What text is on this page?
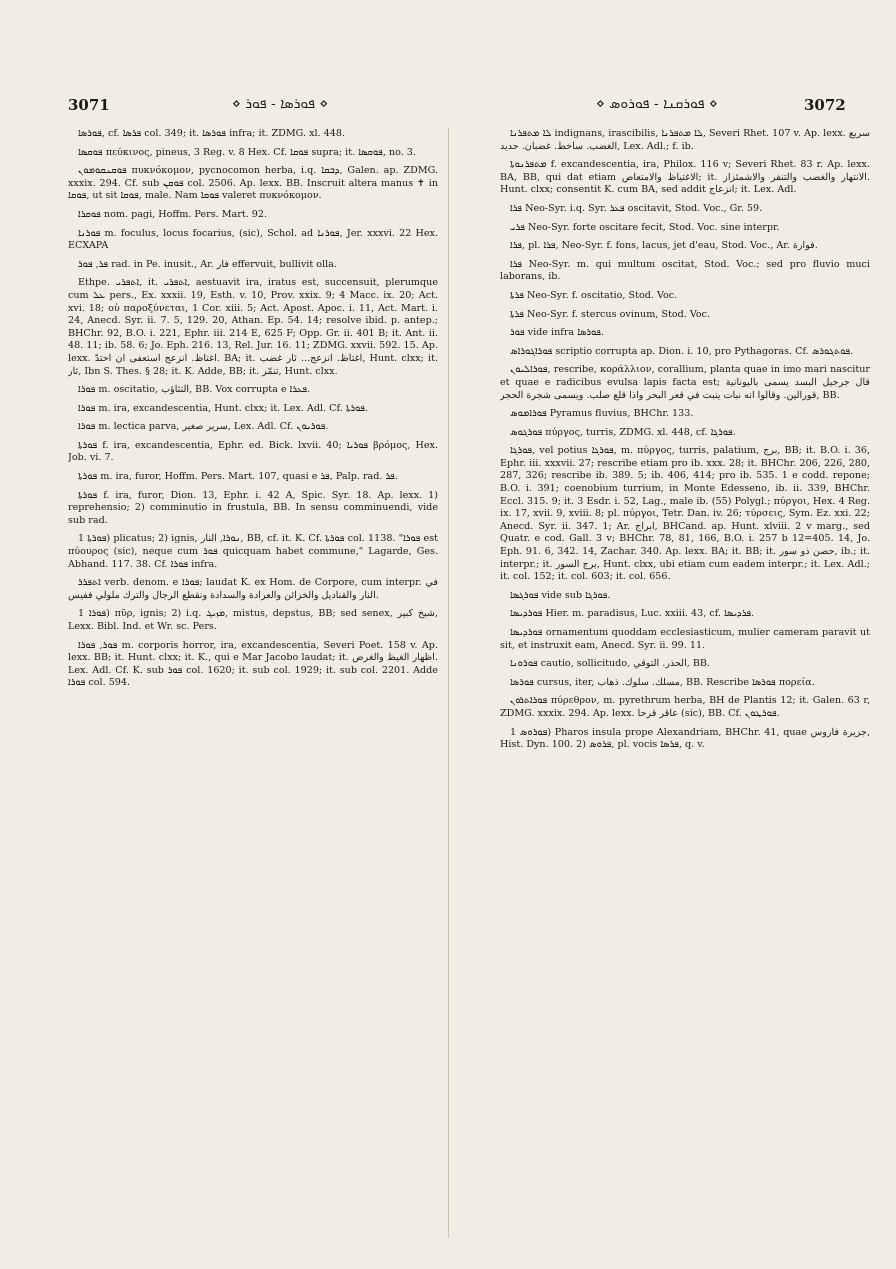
3071	⋄ ܦܘܪܣܐ ‐ ܦܘܪ ⋄	⋄ ܦܘܪܩܢܐ ‐ ܦܘܪܘܣ ⋄	3072

ܦܘܪܣܐ, cf. ܦܪܣܐ col. 349; it. ܦܘܪܣܐ infra; it. ZDMG. xl. 448.

ܦܘܩܣܐ πεύκινος, pineus, 3 Reg. v. 8 Hex. Cf. ܦܘܩܐ supra; it. ܦܘܩܣܐ, no. 3.

ܦܘܩܢܩܘܡܘܢ πυκνόκομον, pycnocomon herba, i.q. ܕܒܩܐ, Galen. ap. ZDMG. xxxix. 294. Cf. sub ܦܘܩܢ col. 2506. Ap. lexx. BB. Inscruit altera manus ✝ in ܦܘܩܐ, ut sit ܦܘܩܐ, male. Nam ܦܘܩܐ valeret πυκνόκομον.

ܦܘܩܪܐ nom. pagi, Hoffm. Pers. Mart. 92.

ܦܘܪܢܐ m. foculus, locus focarius, (sic), Schol. ad ܦܘܪܢܐ, Jer. xxxvi. 22 Hex. ECXAPA

ܦܪ, ܦܘܪ rad. in Pe. inusit., Ar. فار effervuit, bullivit olla.

Ethpe. ܐܬܦܪܝ, it. ܐܬܦܪܝ, aestuavit ira, iratus est, succensuit, plerumque cum ܥܠ pers., Ex. xxxii. 19, Esth. v. 10, Prov. xxix. 9; 4 Macc. ix. 20; Act. xvi. 18; οὐ παροξύνεται, 1 Cor. xiii. 5; Act. Apost. Apoc. i. 11, Act. Mart. i. 24, Anecd. Syr. ii. 7. 5, 129. 20, Athan. Ep. 54. 14; resolve ibid. p. antep.; BHChr. 92, B.O. i. 221, Ephr. iii. 214 E, 625 F; Opp. Gr. ii. 401 B; it. Ant. ii. 48. 11; ib. 58. 6; Jo. Eph. 216. 13, Rel. Jur. 16. 11; ZDMG. xxvii. 592. 15. Ap. lexx. اغتاظ. انزعج استعفى ان احتدّ. BA; it. اغتاظ. انزعج... ثار غضب, Hunt. clxx; it. ثار, Ibn S. Thes. § 28; it. K. Adde, BB; it. تنمّر, Hunt. clxx.

ܦܘܪܐ m. oscitatio, التثاؤب, BB. Vox corrupta e ܦܥܪܐ.

ܦܘܪܐ m. ira, excandescentia, Hunt. clxx; it. Lex. Adl. Cf. ܦܘܪܬܐ.

ܦܘܪܐ m. lectica parva, سرير صغير, Lex. Adl. Cf. ܦܘܪܝܘܢ.

ܦܘܪܬܐ f. ira, excandescentia, Ephr. ed. Bick. lxvii. 40; ܦܘܪܝܐ βρόμος, Hex. Job. vi. 7.

ܦܘܪܬܐ m. ira, furor, Hoffm. Pers. Mart. 107, quasi e ܦܪ, Palp. rad. ܦܪ.

ܦܘܪܬܐ f. ira, furor, Dion. 13, Ephr. i. 42 A, Spic. Syr. 18. Ap. lexx. 1) reprehensio; 2) comminutio in frustula, BB. In sensu comminuendi, vide sub rad.

ܦܘܪܬܐ 1) plicatus; 2) ignis, ܢܘܪܐ, النار, BB, cf. it. K. Cf. ܦܘܪܬܐ col. 1138. "ܦܘܪܐ est πύουρος (sic), neque cum ܦܘܪ quicquam habet commune," Lagarde, Ges. Abhand. 117. 38. Cf. ܦܘܪܐ infra.

ܐܬܦܪܪ verb. denom. e ܦܘܪܐ; laudat K. ex Hom. de Corpore, cum interpr. في النار والقناديل والخزائن والعرادة والسدادة ونقطع الرجال والترك ملولي ففيس.

ܦܘܪܐ 1) πῦρ, ignis; 2) i.q. ܡܙܝܓ, mistus, depstus, BB; sed senex, شيخ كبير, Lexx. Bibl. Ind. et Wr. sc. Pers.

ܦܘܪ, ܦܘܪܐ m. corporis horror, ira, excandescentia, Severi Poet. 158 v. Ap. lexx. BB; it. Hunt. clxx; it. K., qui e Mar Jacobo laudat; it. اظهار الغيظ والغرض. Lex. Adl. Cf. K. sub ܦܘܪ col. 1620; it. sub col. 1929; it. sub col. 2201. Adde ܦܘܪܐ col. 594.

ܠܐ ܡܬܦܪܢܐ indignans, irascibilis, ܠܐ ܡܬܦܪܢܐ, Severi Rhet. 107 v. Ap. lexx. سريع الغضب. ساخط. غضبان. حديد, Lex. Adl.; f. ib.

ܡܬܦܪܢܘܬܐ f. excandescentia, ira, Philox. 116 v; Severi Rhet. 83 r. Ap. lexx. BA, BB, qui dat etiam الاغتياظ والامتعاض; it. الانتهار والغضب والتنفر والاشمئزاز. Hunt. clxx; consentit K. cum BA, sed addit انزعاج; it. Lex. Adl.

ܦܪܐ Neo-Syr. i.q. Syr. ܦܥܪ oscitavit, Stod. Voc., Gr. 59.

ܦܪܝ Neo-Syr. forte oscitare fecit, Stod. Voc. sine interpr.

ܦܪܐ, pl. ܦܪܐ, Neo-Syr. f. fons, lacus, jet d'eau, Stod. Voc., Ar. فوارة.

ܦܪܐ Neo-Syr. m. qui multum oscitat, Stod. Voc.; sed pro fluvio muci laborans, ib.

ܦܪܬܐ Neo-Syr. f. oscitatio, Stod. Voc.

ܦܪܬܐ Neo-Syr. f. stercus ovinum, Stod. Voc.

ܦܘܪ vide infra ܦܘܪܣܐ.

ܦܘܪܐܓܘܪܐܣ scriptio corrupta ap. Dion. i. 10, pro Pythagoras. Cf. ܦܘܬܓܘܪܣ.

ܦܘܪܐܠܝܘܢ, rescribe, κοράλλιον, corallium, planta quae in imo mari nascitur et quae e radicibus evulsa lapis facta est; قال جرجيل البسد يسمى باليونانية قورالين. وقالوا انه نبات ينبت في قعر البحر واذا قلع صلب. ويسمى شجرة الحجر, BB.

ܦܘܪܐܡܘܣ Pyramus fluvius, BHChr. 133.

ܦܘܪܓܘܣ πύργος, turris, ZDMG. xl. 448, cf. ܦܘܪܓܐ.

ܦܘܪܓܐ, vel potius ܦܘܪܓܐ, m. πύργος, turris, palatium, برج, BB; it. B.O. i. 36, Ephr. iii. xxxvii. 27; rescribe etiam pro ib. xxx. 28; it. BHChr. 206, 226, 280, 287, 326; rescribe ib. 389. 5; ib. 406, 414; pro ib. 535. 1 e codd. repone; B.O. i. 391; coenobium turrium, in Monte Edesseno, ib. ii. 339, BHChr. Eccl. 315. 9; it. 3 Esdr. i. 52, Lag., male ib. (55) Polygl.; πύργοι, Hex. 4 Reg. ix. 17, xvii. 9, xviii. 8; pl. πύργοι, Tetr. Dan. iv. 26; τύρσεις, Sym. Ez. xxi. 22; Anecd. Syr. ii. 347. 1; Ar. ابراج, BHCand. ap. Hunt. xlviii. 2 v marg., sed Quatr. e cod. Gall. 3 v; BHChr. 78, 81, 166, B.O. i. 257 b 12=405. 14, Jo. Eph. 91. 6, 342. 14, Zachar. 340. Ap. lexx. BA; it. BB; it. حصن ذو سور, ib.; it. interpr.; it. برج السور, Hunt. clxx, ubi etiam cum eadem interpr.; it. Lex. Adl.; it. col. 152; it. col. 603; it. col. 656.

ܦܘܪܓܣܐ vide sub ܦܘܪܓܐ.

ܦܘܪܕܝܣܐ Hier. m. paradisus, Luc. xxiii. 43, cf. ܦܪܕܝܣܐ.

ܦܘܪܕܝܣܐ ornamentum quoddam ecclesiasticum, mulier cameram paravit ut sit, et instruxit eam, Anecd. Syr. ii. 99. 11.

ܦܘܪܘܢܐ cautio, sollicitudo, الحذر. التوقي, BB.

ܦܘܪܣܐ cursus, iter, مسلك. سلوك. ذهاب, BB. Rescribe ܦܘܪܣܐ πορεία.

ܦܘܪܐܬܪܘܢ πύρεθρον, m. pyrethrum herba, BH de Plantis 12; it. Galen. 63 r, ZDMG. xxxix. 294. Ap. lexx. عاقر قرحا (sic), BB. Cf. ܦܘܪܛܘܢ.

ܦܘܪܘܣ 1) Pharos insula prope Alexandriam, BHChr. 41, quae جزيرة فاروس, Hist. Dyn. 100. 2) ܦܪܘܣ, pl. vocis ܦܪܣܐ, q. v.
